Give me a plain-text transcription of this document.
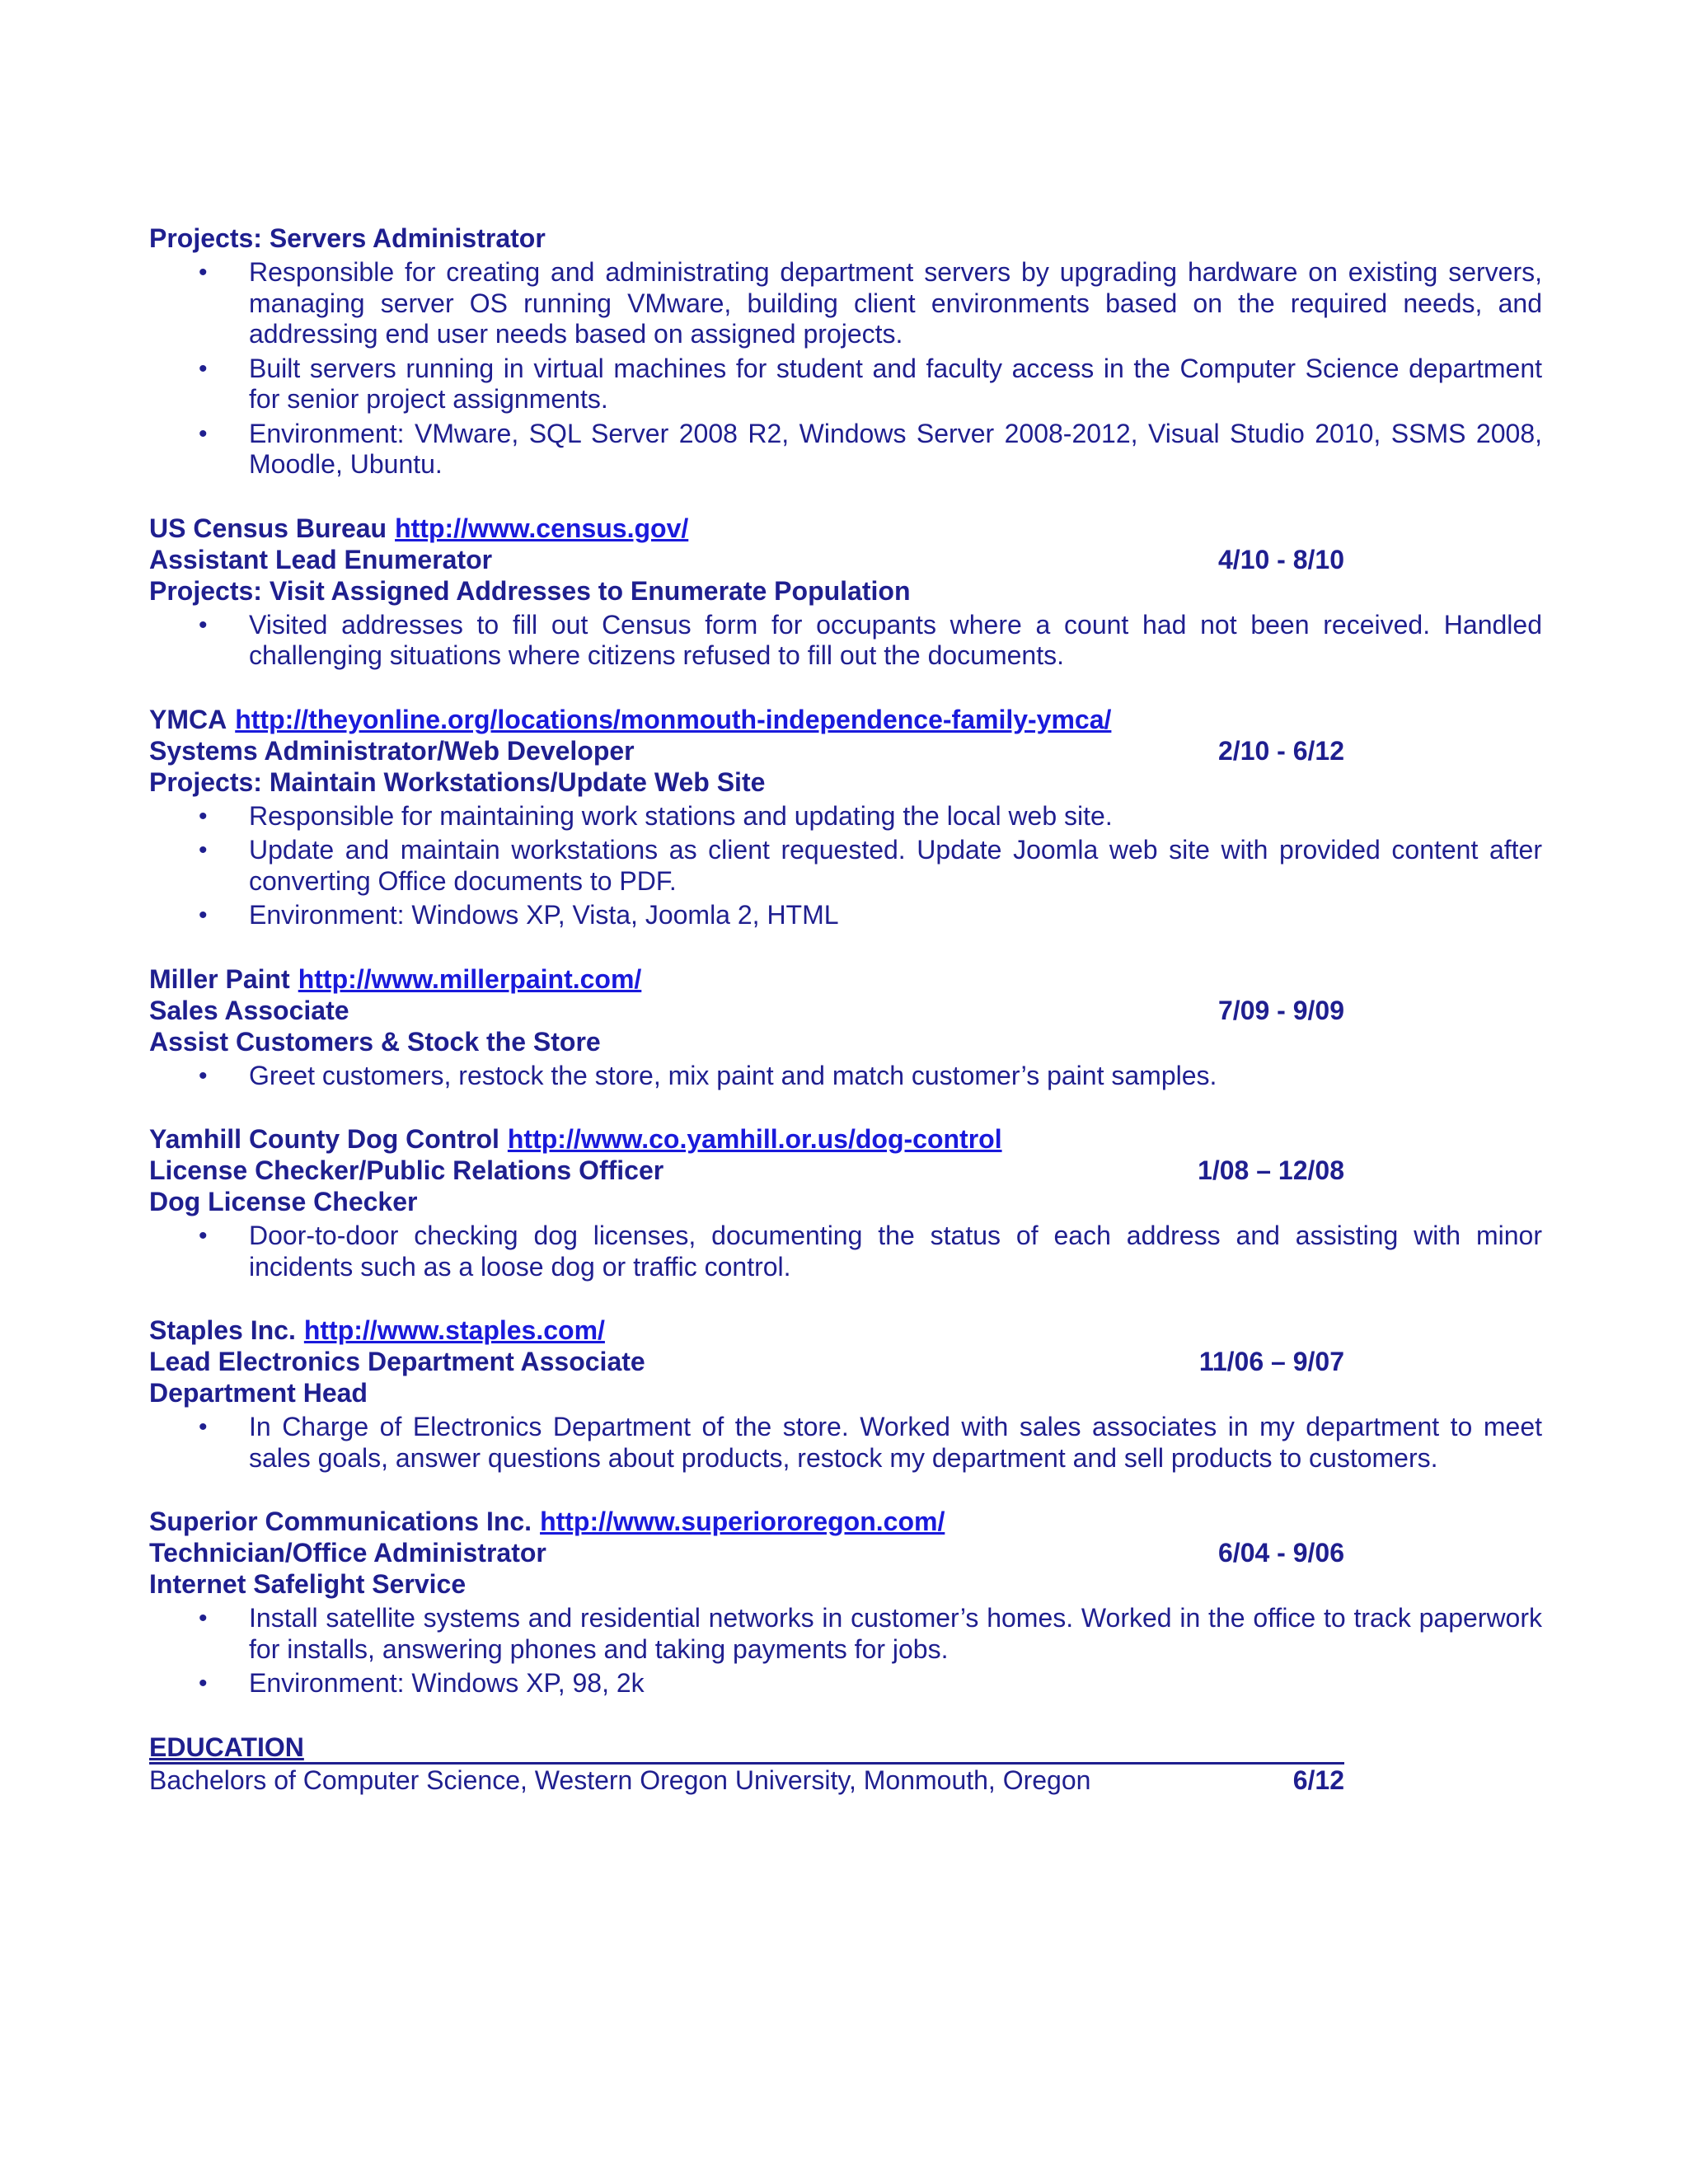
Projects: Servers Administrator

• Responsible for creating and administrating department servers by upgrading hardware on existing servers, managing server OS running VMware, building client environments based on the required needs, and addressing end user needs based on assigned projects.
• Built servers running in virtual machines for student and faculty access in the Computer Science department for senior project assignments.
• Environment: VMware, SQL Server 2008 R2, Windows Server 2008-2012, Visual Studio 2010, SSMS 2008, Moodle, Ubuntu.

US Census Bureau http://www.census.gov/

Assistant Lead Enumerator	4/10 - 8/10

Projects: Visit Assigned Addresses to Enumerate Population

• Visited addresses to fill out Census form for occupants where a count had not been received. Handled challenging situations where citizens refused to fill out the documents.

YMCA http://theyonline.org/locations/monmouth-independence-family-ymca/

Systems Administrator/Web Developer	2/10 - 6/12

Projects: Maintain Workstations/Update Web Site

• Responsible for maintaining work stations and updating the local web site.
• Update and maintain workstations as client requested. Update Joomla web site with provided content after converting Office documents to PDF.
• Environment: Windows XP, Vista, Joomla 2, HTML

Miller Paint http://www.millerpaint.com/

Sales Associate	7/09 - 9/09

Assist Customers & Stock the Store

• Greet customers, restock the store, mix paint and match customer’s paint samples.

Yamhill County Dog Control http://www.co.yamhill.or.us/dog-control

License Checker/Public Relations Officer	1/08 – 12/08

Dog License Checker

• Door-to-door checking dog licenses, documenting the status of each address and assisting with minor incidents such as a loose dog or traffic control.

Staples Inc. http://www.staples.com/

Lead Electronics Department Associate	11/06 – 9/07

Department Head

• In Charge of Electronics Department of the store. Worked with sales associates in my department to meet sales goals, answer questions about products, restock my department and sell products to customers.

Superior Communications Inc. http://www.superiororegon.com/

Technician/Office Administrator	6/04 - 9/06

Internet Safelight Service

• Install satellite systems and residential networks in customer’s homes. Worked in the office to track paperwork for installs, answering phones and taking payments for jobs.
• Environment: Windows XP, 98, 2k
EDUCATION
Bachelors of Computer Science, Western Oregon University, Monmouth, Oregon	6/12
